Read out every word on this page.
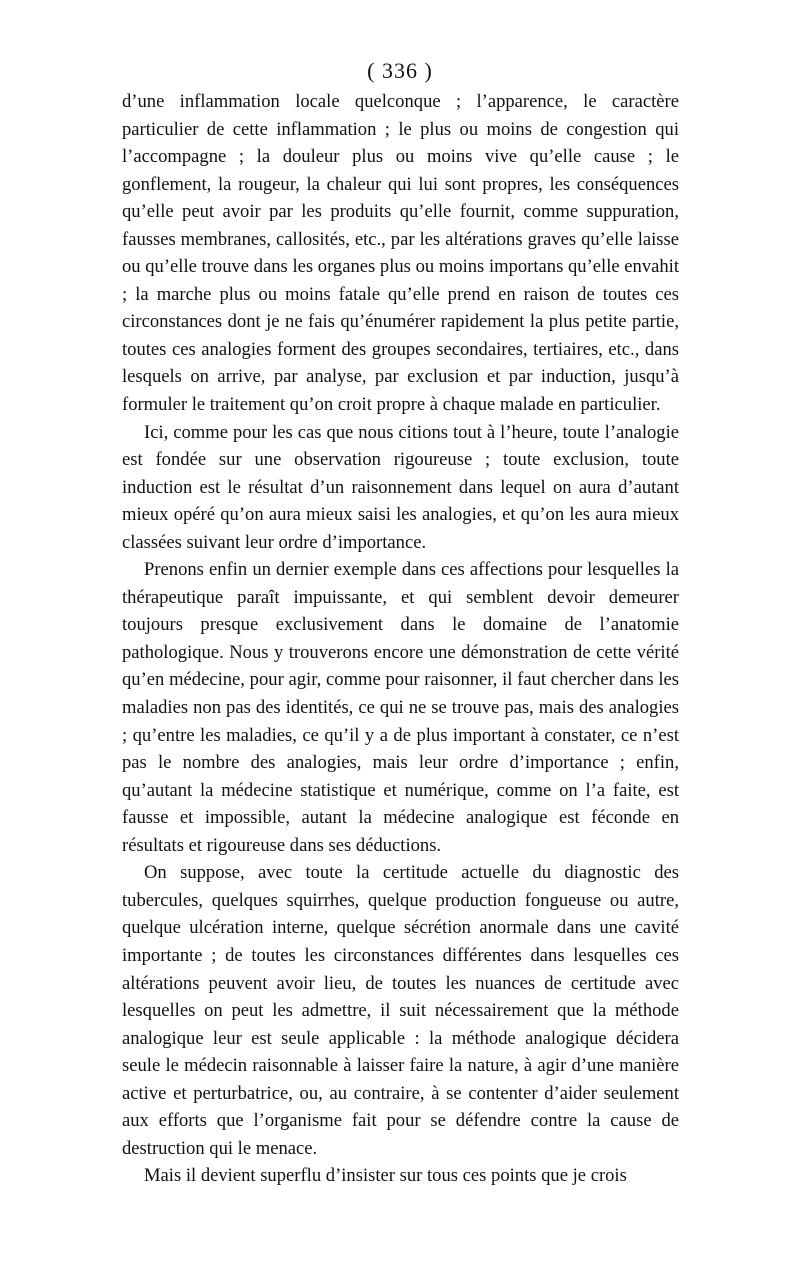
( 336 )

d’une inflammation locale quelconque ; l’apparence, le caractère particulier de cette inflammation ; le plus ou moins de congestion qui l’accompagne ; la douleur plus ou moins vive qu’elle cause ; le gonflement, la rougeur, la chaleur qui lui sont propres, les conséquences qu’elle peut avoir par les produits qu’elle fournit, comme suppuration, fausses membranes, callosités, etc., par les altérations graves qu’elle laisse ou qu’elle trouve dans les organes plus ou moins importans qu’elle envahit ; la marche plus ou moins fatale qu’elle prend en raison de toutes ces circonstances dont je ne fais qu’énumérer rapidement la plus petite partie, toutes ces analogies forment des groupes secondaires, tertiaires, etc., dans lesquels on arrive, par analyse, par exclusion et par induction, jusqu’à formuler le traitement qu’on croit propre à chaque malade en particulier.

Ici, comme pour les cas que nous citions tout à l’heure, toute l’analogie est fondée sur une observation rigoureuse ; toute exclusion, toute induction est le résultat d’un raisonnement dans lequel on aura d’autant mieux opéré qu’on aura mieux saisi les analogies, et qu’on les aura mieux classées suivant leur ordre d’importance.

Prenons enfin un dernier exemple dans ces affections pour lesquelles la thérapeutique paraît impuissante, et qui semblent devoir demeurer toujours presque exclusivement dans le domaine de l’anatomie pathologique. Nous y trouverons encore une démonstration de cette vérité qu’en médecine, pour agir, comme pour raisonner, il faut chercher dans les maladies non pas des identités, ce qui ne se trouve pas, mais des analogies ; qu’entre les maladies, ce qu’il y a de plus important à constater, ce n’est pas le nombre des analogies, mais leur ordre d’importance ; enfin, qu’autant la médecine statistique et numérique, comme on l’a faite, est fausse et impossible, autant la médecine analogique est féconde en résultats et rigoureuse dans ses déductions.

On suppose, avec toute la certitude actuelle du diagnostic des tubercules, quelques squirrhes, quelque production fongueuse ou autre, quelque ulcération interne, quelque sécrétion anormale dans une cavité importante ; de toutes les circonstances différentes dans lesquelles ces altérations peuvent avoir lieu, de toutes les nuances de certitude avec lesquelles on peut les admettre, il suit nécessairement que la méthode analogique leur est seule applicable : la méthode analogique décidera seule le médecin raisonnable à laisser faire la nature, à agir d’une manière active et perturbatrice, ou, au contraire, à se contenter d’aider seulement aux efforts que l’organisme fait pour se défendre contre la cause de destruction qui le menace.

Mais il devient superflu d’insister sur tous ces points que je crois
